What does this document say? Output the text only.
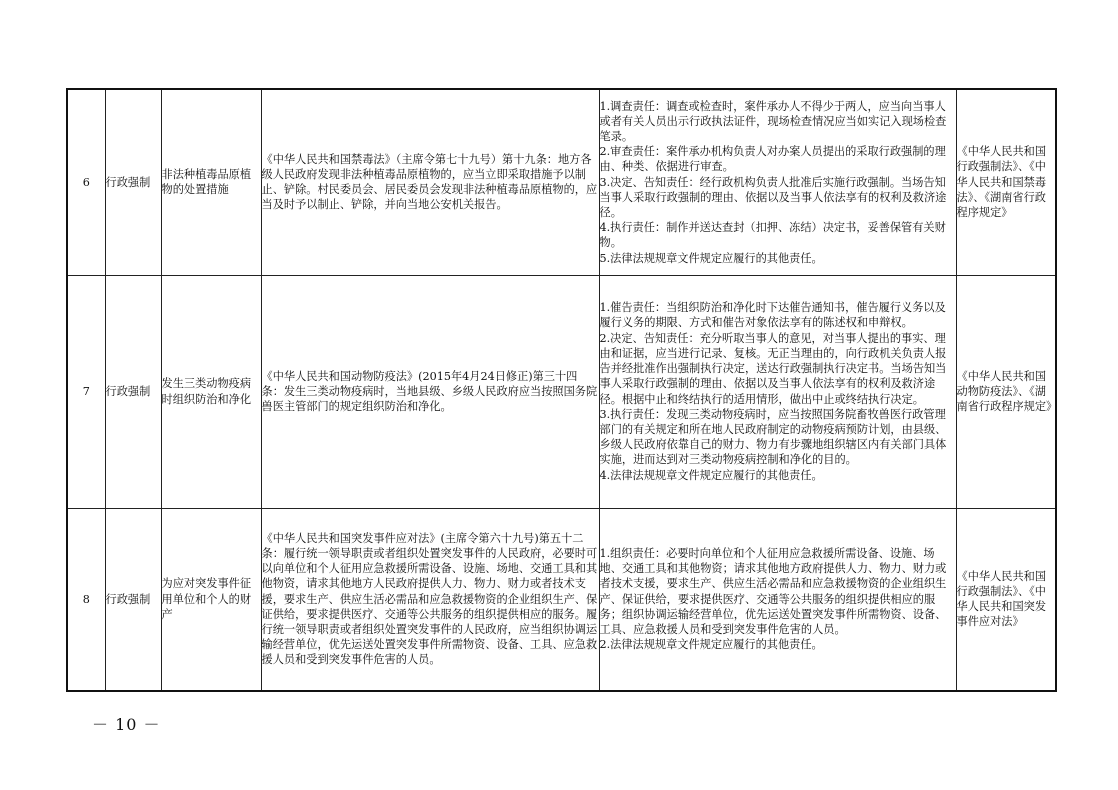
6	行政强制	非法种植毒品原植物的处置措施	《中华人民共和国禁毒法》（主席令第七十九号）第十九条：地方各级人民政府发现非法种植毒品原植物的，应当立即采取措施予以制止、铲除。村民委员会、居民委员会发现非法种植毒品原植物的，应当及时予以制止、铲除，并向当地公安机关报告。	1.调查责任：调查或检查时，案件承办人不得少于两人，应当向当事人或者有关人员出示行政执法证件，现场检查情况应当如实记入现场检查笔录。

2.审查责任：案件承办机构负责人对办案人员提出的采取行政强制的理由、种类、依据进行审查。

3.决定、告知责任：经行政机构负责人批准后实施行政强制。当场告知当事人采取行政强制的理由、依据以及当事人依法享有的权利及救济途径。

4.执行责任：制作并送达查封（扣押、冻结）决定书，妥善保管有关财物。

5.法律法规规章文件规定应履行的其他责任。	《中华人民共和国行政强制法》、《中华人民共和国禁毒法》、《湖南省行政程序规定》
7	行政强制	发生三类动物疫病时组织防治和净化	《中华人民共和国动物防疫法》(2015年4月24日修正)第三十四条：发生三类动物疫病时，当地县级、乡级人民政府应当按照国务院兽医主管部门的规定组织防治和净化。	1.催告责任：当组织防治和净化时下达催告通知书，催告履行义务以及履行义务的期限、方式和催告对象依法享有的陈述权和申辩权。

2.决定、告知责任：充分听取当事人的意见，对当事人提出的事实、理由和证据，应当进行记录、复核。无正当理由的，向行政机关负责人报告并经批准作出强制执行决定，送达行政强制执行决定书。当场告知当事人采取行政强制的理由、依据以及当事人依法享有的权利及救济途径。根据中止和终结执行的适用情形，做出中止或终结执行决定。

3.执行责任：发现三类动物疫病时，应当按照国务院畜牧兽医行政管理部门的有关规定和所在地人民政府制定的动物疫病预防计划，由县级、乡级人民政府依靠自己的财力、物力有步骤地组织辖区内有关部门具体实施，进而达到对三类动物疫病控制和净化的目的。

4.法律法规规章文件规定应履行的其他责任。	《中华人民共和国动物防疫法》、《湖南省行政程序规定》
8	行政强制	为应对突发事件征用单位和个人的财产	《中华人民共和国突发事件应对法》(主席令第六十九号)第五十二条：履行统一领导职责或者组织处置突发事件的人民政府，必要时可以向单位和个人征用应急救援所需设备、设施、场地、交通工具和其他物资，请求其他地方人民政府提供人力、物力、财力或者技术支援，要求生产、供应生活必需品和应急救援物资的企业组织生产、保证供给，要求提供医疗、交通等公共服务的组织提供相应的服务。履行统一领导职责或者组织处置突发事件的人民政府，应当组织协调运输经营单位，优先运送处置突发事件所需物资、设备、工具、应急救援人员和受到突发事件危害的人员。	1.组织责任：必要时向单位和个人征用应急救援所需设备、设施、场地、交通工具和其他物资；请求其他地方政府提供人力、物力、财力或者技术支援，要求生产、供应生活必需品和应急救援物资的企业组织生产、保证供给，要求提供医疗、交通等公共服务的组织提供相应的服务；组织协调运输经营单位，优先运送处置突发事件所需物资、设备、工具、应急救援人员和受到突发事件危害的人员。

2.法律法规规章文件规定应履行的其他责任。	《中华人民共和国行政强制法》、《中华人民共和国突发事件应对法》
－ 10 －
